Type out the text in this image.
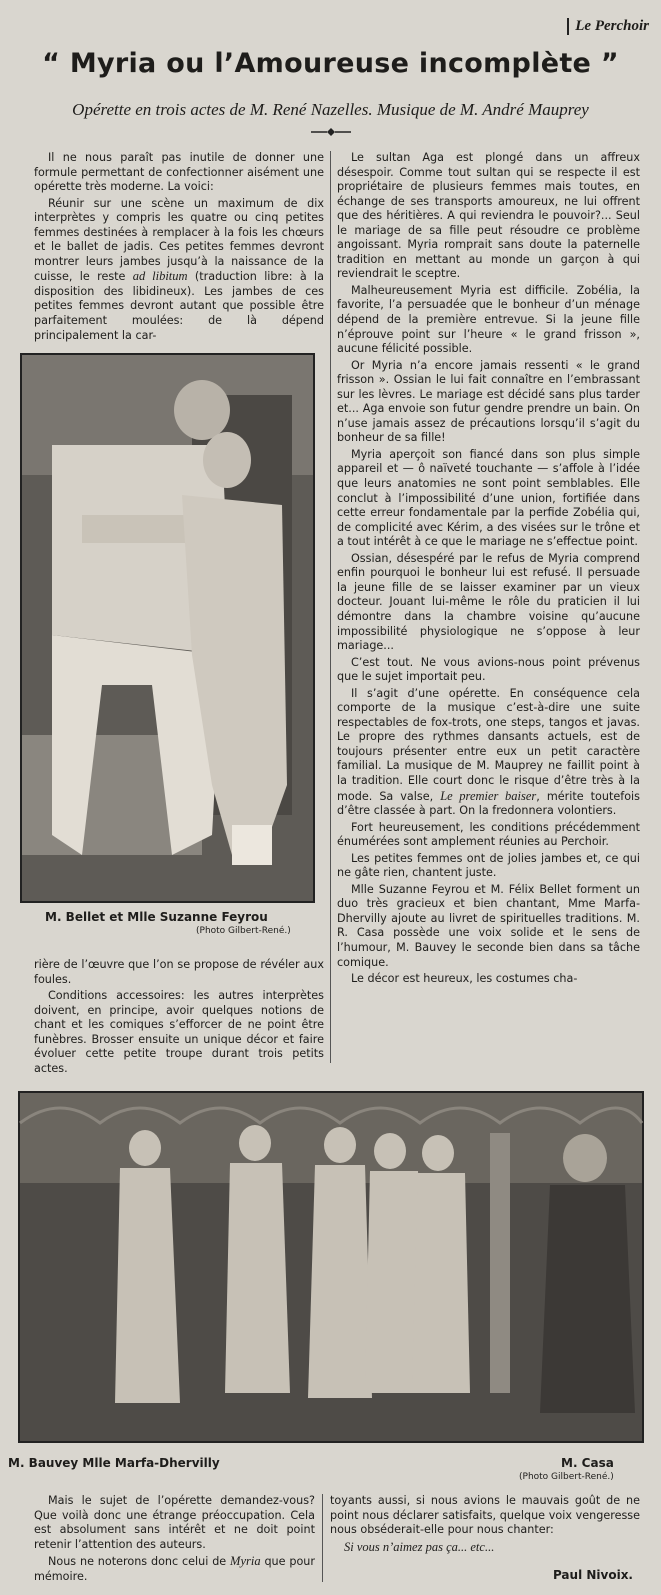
Le Perchoir
“ Myria ou l’Amoureuse incomplète ”
Opérette en trois actes de M. René Nazelles. Musique de M. André Mauprey

Il ne nous paraît pas inutile de donner une formule permettant de confectionner aisément une opérette très moderne. La voici:

Réunir sur une scène un maximum de dix interprètes y compris les quatre ou cinq petites femmes destinées à remplacer à la fois les chœurs et le ballet de jadis. Ces petites femmes devront montrer leurs jambes jusqu’à la naissance de la cuisse, le reste ad libitum (traduction libre: à la disposition des libidineux). Les jambes de ces petites femmes devront autant que possible être parfaitement moulées: de là dépend principalement la car-

M. Bellet et Mlle Suzanne Feyrou
(Photo Gilbert-René.)

rière de l’œuvre que l’on se propose de révéler aux foules.

Conditions accessoires: les autres interprètes doivent, en principe, avoir quelques notions de chant et les comiques s’efforcer de ne point être funèbres. Brosser ensuite un unique décor et faire évoluer cette petite troupe durant trois petits actes.

Le sultan Aga est plongé dans un affreux désespoir. Comme tout sultan qui se respecte il est propriétaire de plusieurs femmes mais toutes, en échange de ses transports amoureux, ne lui offrent que des héritières. A qui reviendra le pouvoir?... Seul le mariage de sa fille peut résoudre ce problème angoissant. Myria romprait sans doute la paternelle tradition en mettant au monde un garçon à qui reviendrait le sceptre.

Malheureusement Myria est difficile. Zobélia, la favorite, l’a persuadée que le bonheur d’un ménage dépend de la première entrevue. Si la jeune fille n’éprouve point sur l’heure « le grand frisson », aucune félicité possible.

Or Myria n’a encore jamais ressenti « le grand frisson ». Ossian le lui fait connaître en l’embrassant sur les lèvres. Le mariage est décidé sans plus tarder et... Aga envoie son futur gendre prendre un bain. On n’use jamais assez de précautions lorsqu’il s’agit du bonheur de sa fille!

Myria aperçoit son fiancé dans son plus simple appareil et — ô naïveté touchante — s’affole à l’idée que leurs anatomies ne sont point semblables. Elle conclut à l’impossibilité d’une union, fortifiée dans cette erreur fondamentale par la perfide Zobélia qui, de complicité avec Kérim, a des visées sur le trône et a tout intérêt à ce que le mariage ne s’effectue point.

Ossian, désespéré par le refus de Myria comprend enfin pourquoi le bonheur lui est refusé. Il persuade la jeune fille de se laisser examiner par un vieux docteur. Jouant lui-même le rôle du praticien il lui démontre dans la chambre voisine qu’aucune impossibilité physiologique ne s’oppose à leur mariage...

C’est tout. Ne vous avions-nous point prévenus que le sujet importait peu.

Il s’agit d’une opérette. En conséquence cela comporte de la musique c’est-à-dire une suite respectables de fox-trots, one steps, tangos et javas. Le propre des rythmes dansants actuels, est de toujours présenter entre eux un petit caractère familial. La musique de M. Mauprey ne faillit point à la tradition. Elle court donc le risque d’être très à la mode. Sa valse, Le premier baiser, mérite toutefois d’être classée à part. On la fredonnera volontiers.

Fort heureusement, les conditions précédemment énumérées sont amplement réunies au Perchoir.

Les petites femmes ont de jolies jambes et, ce qui ne gâte rien, chantent juste.

Mlle Suzanne Feyrou et M. Félix Bellet forment un duo très gracieux et bien chantant, Mme Marfa-Dhervilly ajoute au livret de spirituelles traditions. M. R. Casa possède une voix solide et le sens de l’humour, M. Bauvey le seconde bien dans sa tâche comique.

Le décor est heureux, les costumes cha-

M. Bauvey Mlle Marfa-Dhervilly	M. Casa
(Photo Gilbert-René.)

Mais le sujet de l’opérette demandez-vous? Que voilà donc une étrange préoccupation. Cela est absolument sans intérêt et ne doit point retenir l’attention des auteurs.

Nous ne noterons donc celui de Myria que pour mémoire.

toyants aussi, si nous avions le mauvais goût de ne point nous déclarer satisfaits, quelque voix vengeresse nous obséderait-elle pour nous chanter:

Si vous n’aimez pas ça... etc...

Paul Nivoix.
